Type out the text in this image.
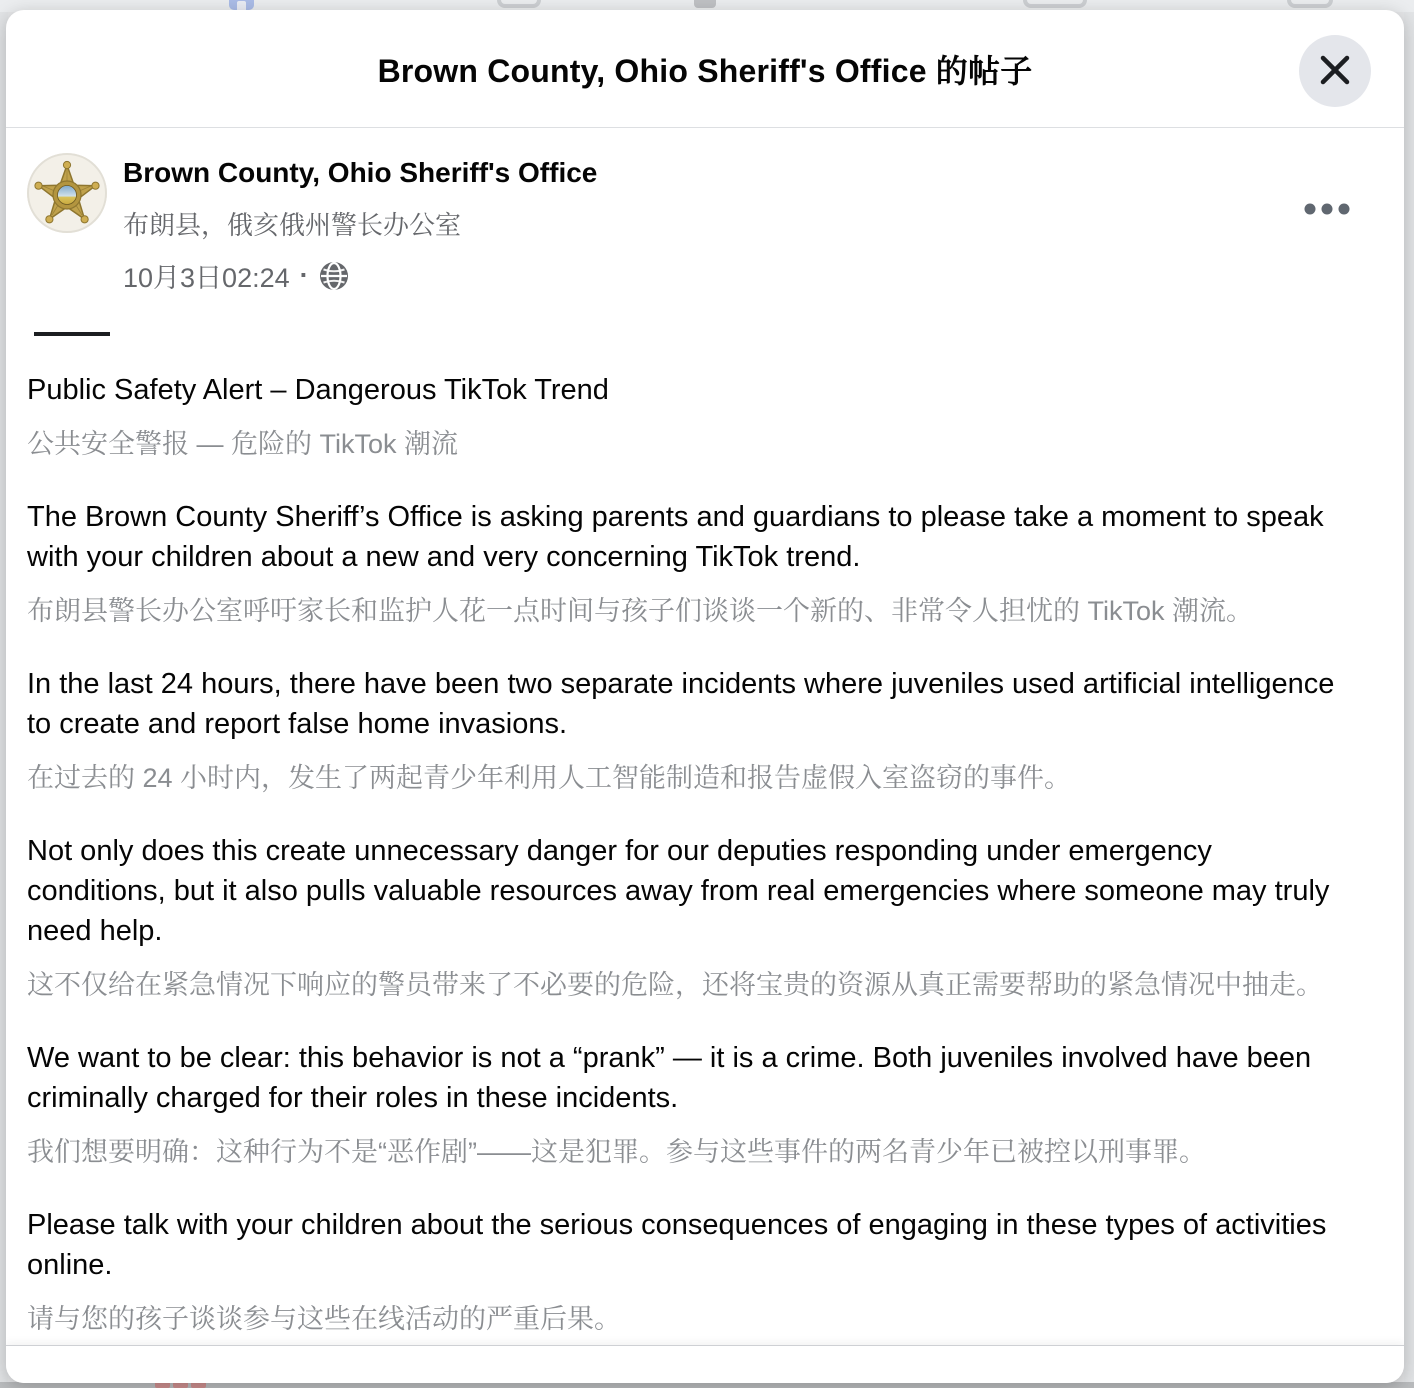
Brown County, Ohio Sheriff's Office 的帖子
Brown County, Ohio Sheriff's Office
布朗县，俄亥俄州警长办公室
10月3日02:24 ·

Public Safety Alert – Dangerous TikTok Trend

公共安全警报 — 危险的 TikTok 潮流

The Brown County Sheriff’s Office is asking parents and guardians to please take a moment to speak with your children about a new and very concerning TikTok trend.

布朗县警长办公室呼吁家长和监护人花一点时间与孩子们谈谈一个新的、非常令人担忧的 TikTok 潮流。

In the last 24 hours, there have been two separate incidents where juveniles used artificial intelligence to create and report false home invasions.

在过去的 24 小时内，发生了两起青少年利用人工智能制造和报告虚假入室盗窃的事件。

Not only does this create unnecessary danger for our deputies responding under emergency conditions, but it also pulls valuable resources away from real emergencies where someone may truly need help.

这不仅给在紧急情况下响应的警员带来了不必要的危险，还将宝贵的资源从真正需要帮助的紧急情况中抽走。

We want to be clear: this behavior is not a “prank” — it is a crime. Both juveniles involved have been criminally charged for their roles in these incidents.

我们想要明确：这种行为不是“恶作剧”——这是犯罪。参与这些事件的两名青少年已被控以刑事罪。

Please talk with your children about the serious consequences of engaging in these types of activities online.

请与您的孩子谈谈参与这些在线活动的严重后果。
